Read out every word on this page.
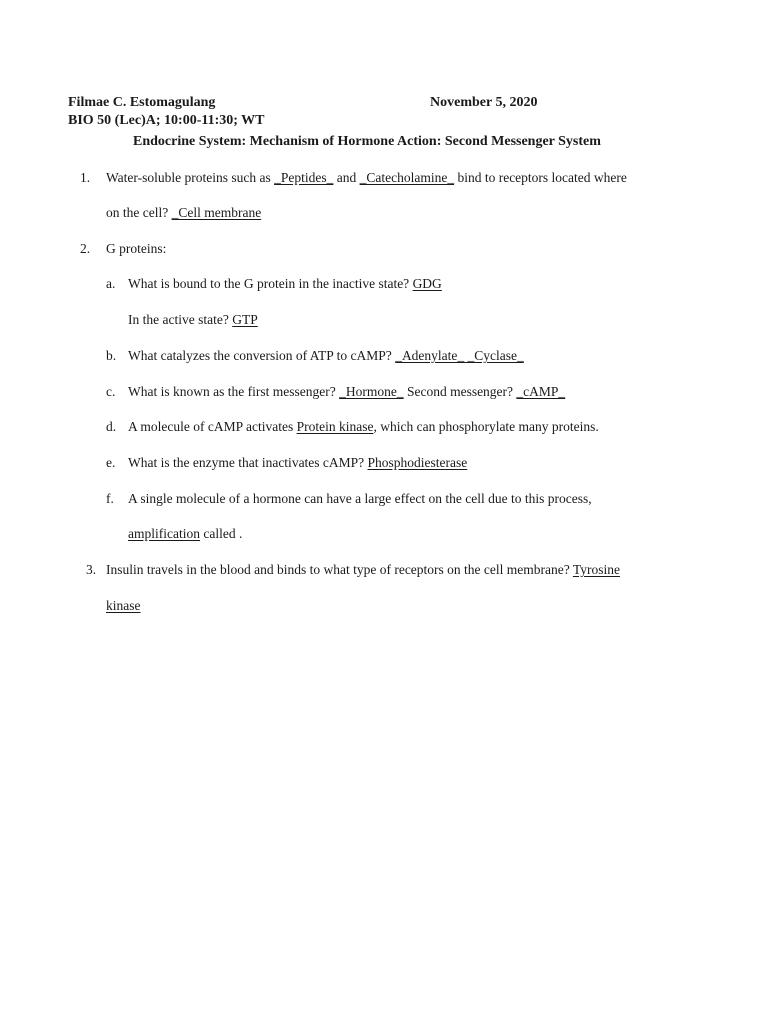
Filmae C. Estomagulang	November 5, 2020
BIO 50 (Lec)A; 10:00-11:30; WT
Endocrine System: Mechanism of Hormone Action: Second Messenger System
1. Water-soluble proteins such as _Peptides_ and _Catecholamine_ bind to receptors located where
on the cell? _Cell membrane
2. G proteins:
a. What is bound to the G protein in the inactive state? GDG
In the active state? GTP
b. What catalyzes the conversion of ATP to cAMP? _Adenylate_ _Cyclase_
c. What is known as the first messenger? _Hormone_ Second messenger? _cAMP_
d. A molecule of cAMP activates Protein kinase, which can phosphorylate many proteins.
e. What is the enzyme that inactivates cAMP? Phosphodiesterase
f. A single molecule of a hormone can have a large effect on the cell due to this process,
amplification called .
3. Insulin travels in the blood and binds to what type of receptors on the cell membrane? Tyrosine
kinase
